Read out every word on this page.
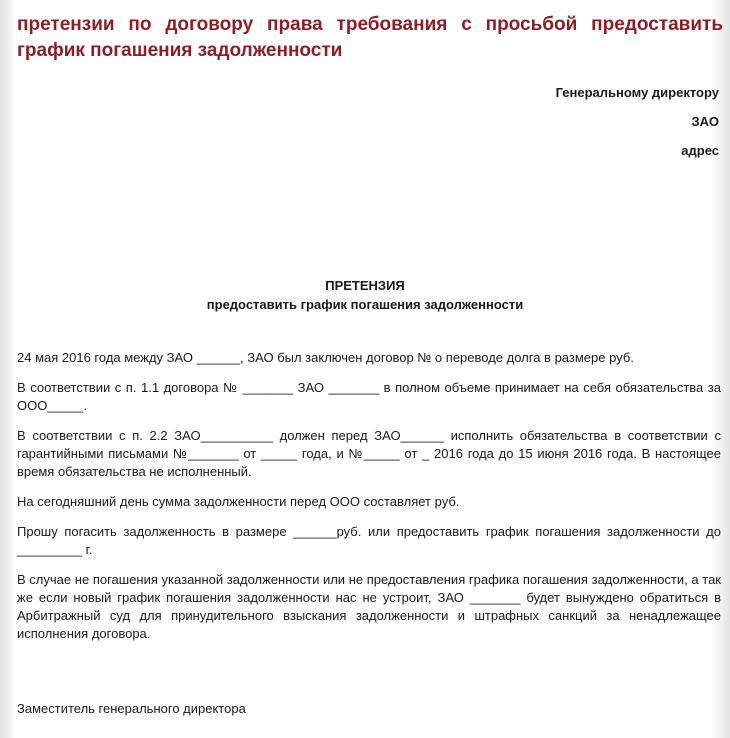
претензии по договору права требования с просьбой предоставить
график погашения задолженности
Генеральному директору
ЗАО
адрес
ПРЕТЕНЗИЯ
предоставить график погашения задолженности

24 мая 2016 года между ЗАО ______, ЗАО был заключен договор № о переводе долга в размере руб.

В соответствии с п. 1.1 договора № _______ ЗАО _______ в полном объеме принимает на себя обязательства за ООО_____.

В соответствии с п. 2.2 ЗАО__________ должен перед ЗАО______ исполнить обязательства в соответствии с гарантийными письмами №_______ от _____ года, и №_____ от _ 2016 года до 15 июня 2016 года. В настоящее время обязательства не исполненный.

На сегодняшний день сумма задолженности перед ООО составляет руб.

Прошу погасить задолженность в размере ______руб. или предоставить график погашения задолженности до _________ г.

В случае не погашения указанной задолженности или не предоставления графика погашения задолженности, а так же если новый график погашения задолженности нас не устроит, ЗАО _______ будет вынуждено обратиться в Арбитражный суд для принудительного взыскания задолженности и штрафных санкций за ненадлежащее исполнения договора.

Заместитель генерального директора
